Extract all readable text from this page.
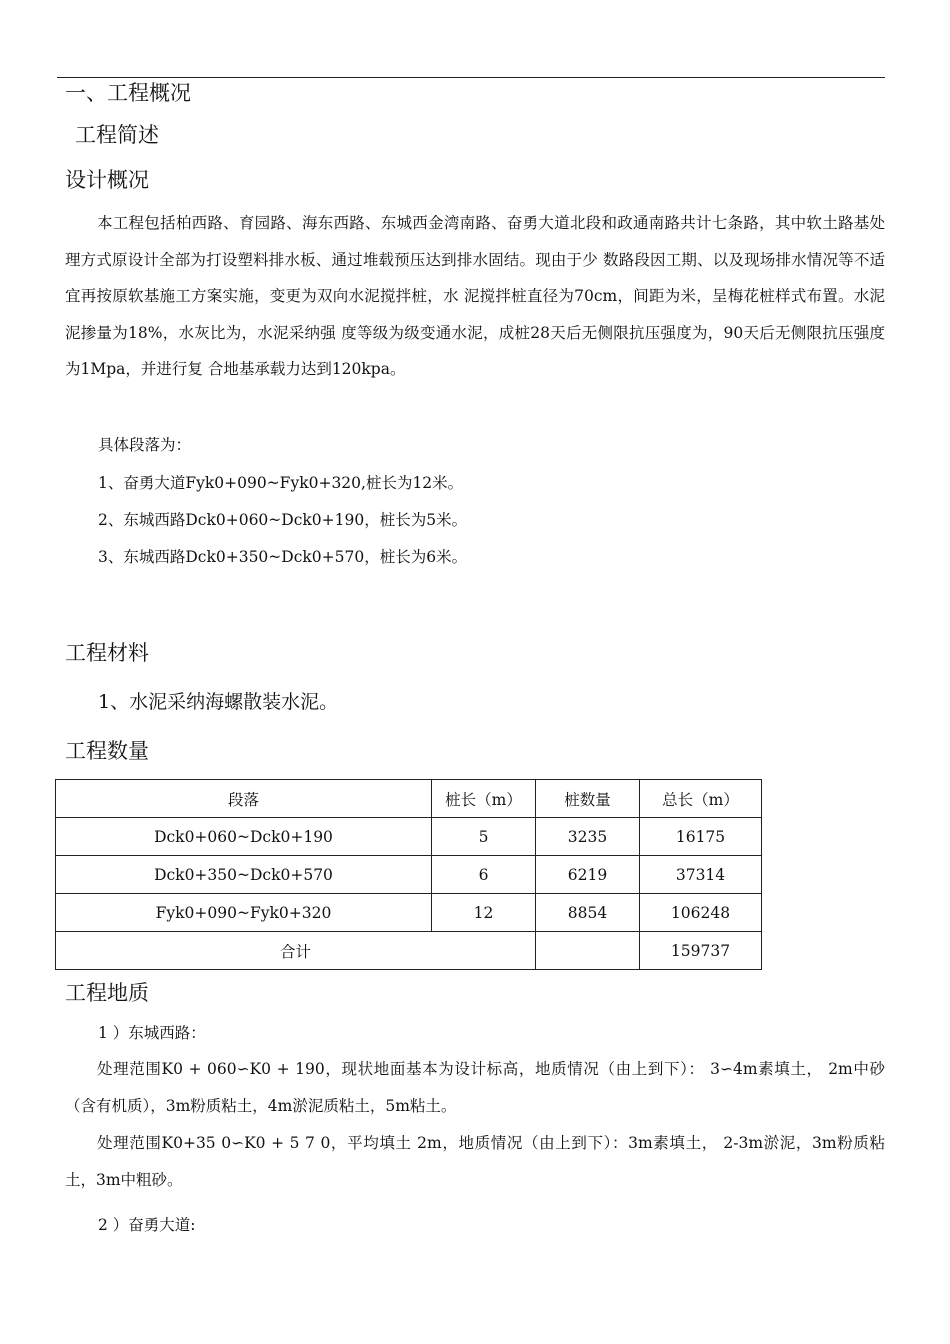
一、工程概况
工程简述
设计概况

本工程包括柏西路、育园路、海东西路、东城西金湾南路、奋勇大道北段和政通南路共计七条路，其中软土路基处理方式原设计全部为打设塑料排水板、通过堆载预压达到排水固结。现由于少 数路段因工期、以及现场排水情况等不适宜再按原软基施工方案实施，变更为双向水泥搅拌桩，水 泥搅拌桩直径为70cm，间距为米，呈梅花桩样式布置。水泥泥掺量为18%，水灰比为，水泥采纳强 度等级为级变通水泥，成桩28天后无侧限抗压强度为，90天后无侧限抗压强度为1Mpa，并进行复 合地基承载力达到120kpa。

具体段落为：

1、奋勇大道Fyk0+090~Fyk0+320,桩长为12米。

2、东城西路Dck0+060~Dck0+190，桩长为5米。

3、东城西路Dck0+350~Dck0+570，桩长为6米。

工程材料

1、水泥采纳海螺散装水泥。

工程数量
段落	桩长（m）	桩数量	总长（m）
Dck0+060~Dck0+190	5	3235	16175
Dck0+350~Dck0+570	6	6219	37314
Fyk0+090~Fyk0+320	12	8854	106248
合计			159737
工程地质

1 ）东城西路：

处理范围K0 + 060∽K0 + 190，现状地面基本为设计标高，地质情况（由上到下）： 3∽4m素填土， 2m中砂（含有机质），3m粉质粘土，4m淤泥质粘土，5m粘土。

处理范围K0+35 0∽K0 + 5 7 0，平均填土 2m，地质情况（由上到下）：3m素填土， 2-3m淤泥，3m粉质粘土，3m中粗砂。

2 ）奋勇大道:
